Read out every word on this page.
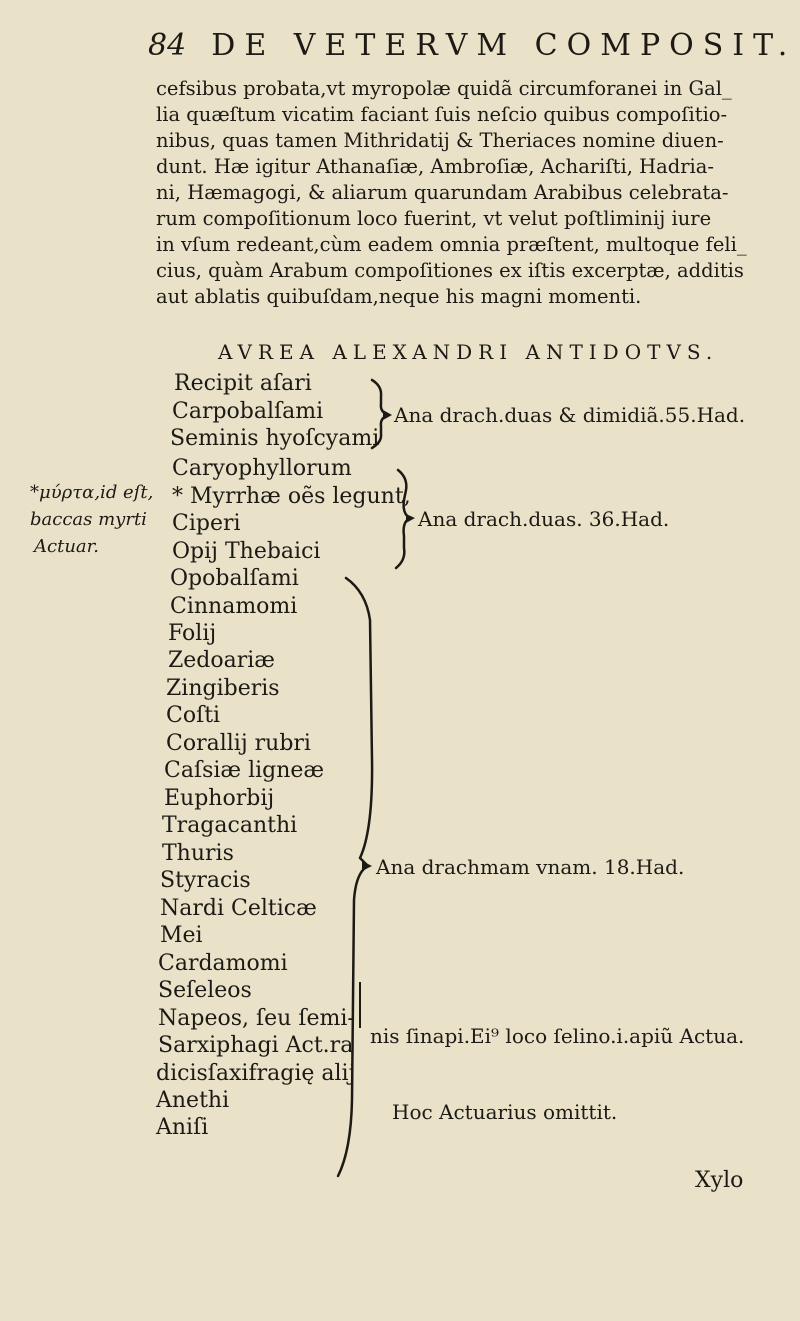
84 DE VETERVM COMPOSIT.
cefsibus probata,vt myropolæ quidã circumforanei in Gal_
lia quæſtum vicatim faciant ſuis neſcio quibus compoſitio-
nibus, quas tamen Mithridatij & Theriaces nomine diuen-
dunt. Hæ igitur Athanaſiæ, Ambroſiæ, Achariſti, Hadria-
ni, Hæmagogi, & aliarum quarundam Arabibus celebrata-
rum compoſitionum loco fuerint, vt velut poſtliminij iure
in vſum redeant,cùm eadem omnia præſtent, multoque feli_
cius, quàm Arabum compoſitiones ex iſtis excerptæ, additis
aut ablatis quibuſdam,neque his magni momenti.
AVREA ALEXANDRI ANTIDOTVS.
Recipit aſari
Carpobalſami
Seminis hyoſcyami
Caryophyllorum
* Myrrhæ oẽs legunt,
Ciperi
Opij Thebaici
*μύρτα,id eſt,
baccas myrti
Actuar.
Opobalſami
Cinnamomi
Folij
Zedoariæ
Zingiberis
Coſti
Corallij rubri
Caſsiæ ligneæ
Euphorbij
Tragacanthi
Thuris
Styracis
Nardi Celticæ
Mei
Cardamomi
Seſeleos
Napeos, ſeu ſemi-
Sarxiphagi Act.ra
dicisſaxifragię alij
Anethi
Aniſi
Ana drach.duas & dimidiã.55.Had.
Ana drach.duas. 36.Had.
Ana drachmam vnam. 18.Had.
nis ſinapi.Ei⁹ loco ſelino.i.apiũ Actua.
Hoc Actuarius omittit.
Xylo
